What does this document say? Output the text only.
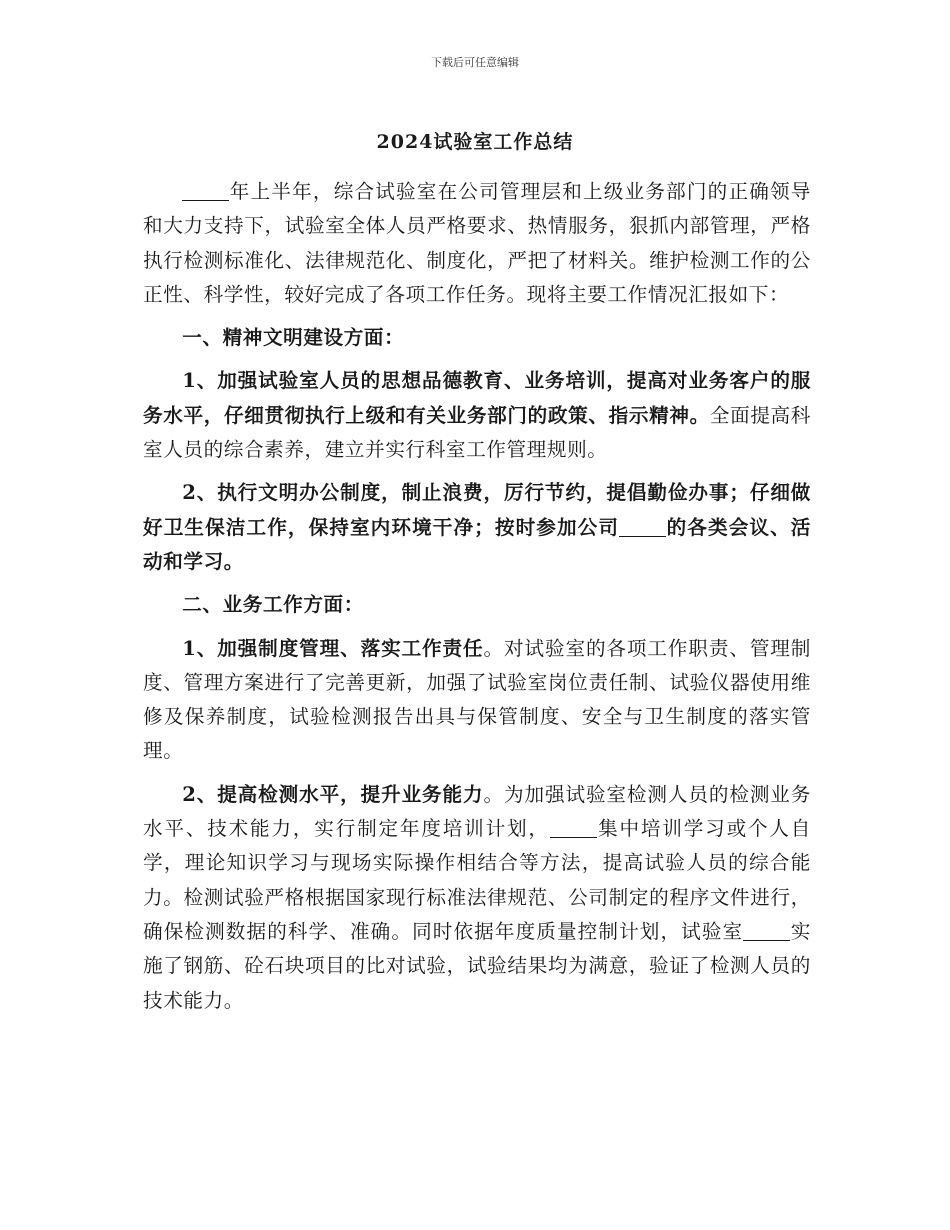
下载后可任意编辑
2024试验室工作总结

年上半年，综合试验室在公司管理层和上级业务部门的正确领导和大力支持下，试验室全体人员严格要求、热情服务，狠抓内部管理，严格执行检测标准化、法律规范化、制度化，严把了材料关。维护检测工作的公正性、科学性，较好完成了各项工作任务。现将主要工作情况汇报如下：

一、精神文明建设方面：

1、加强试验室人员的思想品德教育、业务培训，提高对业务客户的服务水平，仔细贯彻执行上级和有关业务部门的政策、指示精神。全面提高科室人员的综合素养，建立并实行科室工作管理规则。

2、执行文明办公制度，制止浪费，厉行节约，提倡勤俭办事；仔细做好卫生保洁工作，保持室内环境干净；按时参加公司 的各类会议、活动和学习。

二、业务工作方面：

1、加强制度管理、落实工作责任。对试验室的各项工作职责、管理制度、管理方案进行了完善更新，加强了试验室岗位责任制、试验仪器使用维修及保养制度，试验检测报告出具与保管制度、安全与卫生制度的落实管理。

2、提高检测水平，提升业务能力。为加强试验室检测人员的检测业务水平、技术能力，实行制定年度培训计划， 集中培训学习或个人自学，理论知识学习与现场实际操作相结合等方法，提高试验人员的综合能力。检测试验严格根据国家现行标准法律规范、公司制定的程序文件进行，确保检测数据的科学、准确。同时依据年度质量控制计划，试验室 实施了钢筋、砼石块项目的比对试验，试验结果均为满意，验证了检测人员的技术能力。
